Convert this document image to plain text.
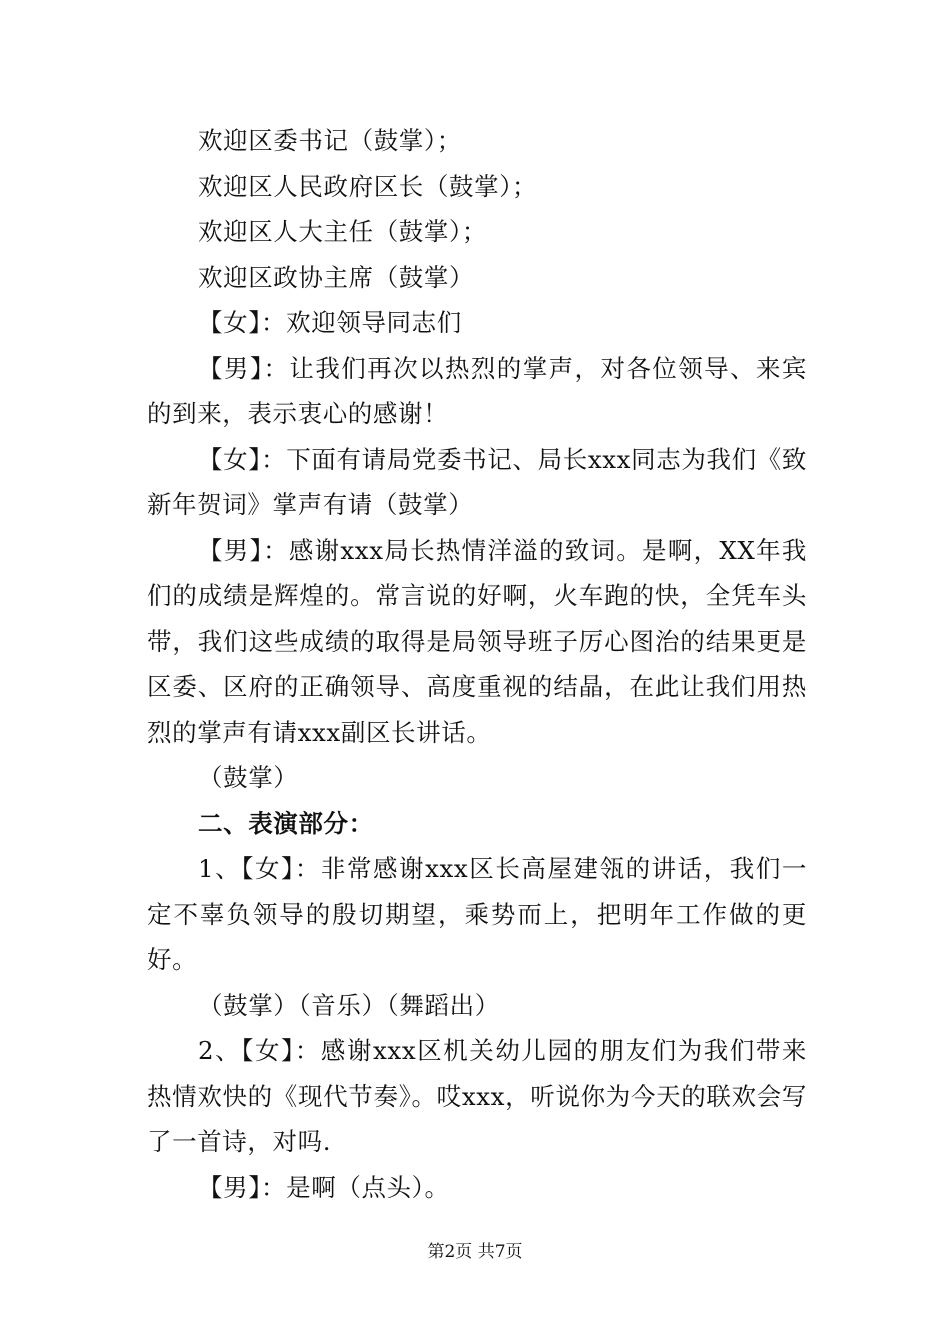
欢迎区委书记（鼓掌）；

欢迎区人民政府区长（鼓掌）；

欢迎区人大主任（鼓掌）；

欢迎区政协主席（鼓掌）

【女】：欢迎领导同志们

【男】：让我们再次以热烈的掌声，对各位领导、来宾的到来，表示衷心的感谢！

【女】：下面有请局党委书记、局长xxx同志为我们《致新年贺词》掌声有请（鼓掌）

【男】：感谢xxx局长热情洋溢的致词。是啊，XX年我们的成绩是辉煌的。常言说的好啊，火车跑的快，全凭车头带，我们这些成绩的取得是局领导班子厉心图治的结果更是区委、区府的正确领导、高度重视的结晶，在此让我们用热烈的掌声有请xxx副区长讲话。

（鼓掌）

二、表演部分：

1、【女】：非常感谢xxx区长高屋建瓴的讲话，我们一定不辜负领导的殷切期望，乘势而上，把明年工作做的更好。

（鼓掌）（音乐）（舞蹈出）

2、【女】：感谢xxx区机关幼儿园的朋友们为我们带来热情欢快的《现代节奏》。哎xxx，听说你为今天的联欢会写了一首诗，对吗.

【男】：是啊（点头）。

第2页 共7页
